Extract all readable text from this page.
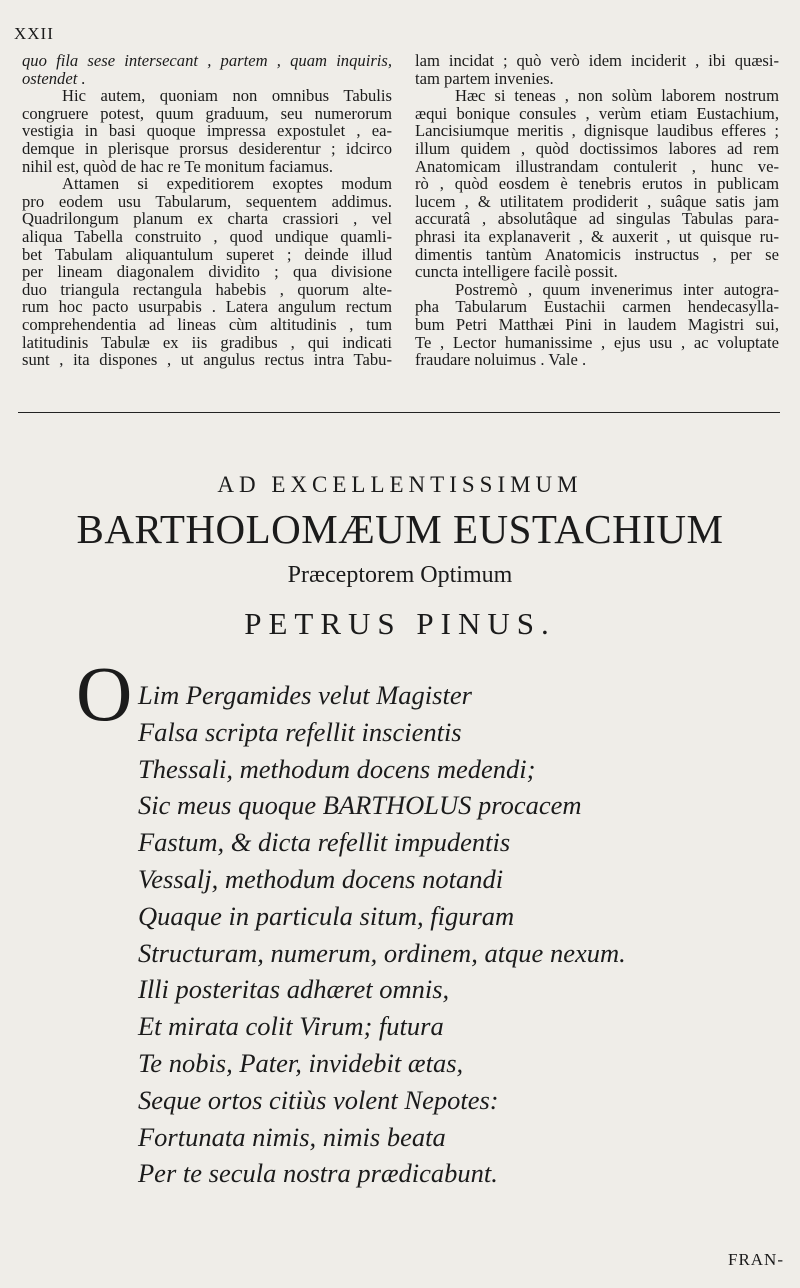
XXII
quo fila sese intersecant , partem , quam inquiris,
ostendet .
Hic autem, quoniam non omnibus Tabulis
congruere potest, quum graduum, seu numerorum
vestigia in basi quoque impressa expostulet , ea-
demque in plerisque prorsus desiderentur ; idcirco
nihil est, quòd de hac re Te monitum faciamus.
Attamen si expeditiorem exoptes modum
pro eodem usu Tabularum, sequentem addimus.
Quadrilongum planum ex charta crassiori , vel
aliqua Tabella construito , quod undique quamli-
bet Tabulam aliquantulum superet ; deinde illud
per lineam diagonalem dividito ; qua divisione
duo triangula rectangula habebis , quorum alte-
rum hoc pacto usurpabis . Latera angulum rectum
comprehendentia ad lineas cùm altitudinis , tum
latitudinis Tabulæ ex iis gradibus , qui indicati
sunt , ita dispones , ut angulus rectus intra Tabu-
lam incidat ; quò verò idem inciderit , ibi quæsi-
tam partem invenies.
Hæc si teneas , non solùm laborem nostrum
æqui bonique consules , verùm etiam Eustachium,
Lancisiumque meritis , dignisque laudibus efferes ;
illum quidem , quòd doctissimos labores ad rem
Anatomicam illustrandam contulerit , hunc ve-
rò , quòd eosdem è tenebris erutos in publicam
lucem , & utilitatem prodiderit , suâque satis jam
accuratâ , absolutâque ad singulas Tabulas para-
phrasi ita explanaverit , & auxerit , ut quisque ru-
dimentis tantùm Anatomicis instructus , per se
cuncta intelligere facilè possit.
Postremò , quum invenerimus inter autogra-
pha Tabularum Eustachii carmen hendecasylla-
bum Petri Matthæi Pini in laudem Magistri sui,
Te , Lector humanissime , ejus usu , ac voluptate
fraudare noluimus . Vale .
AD EXCELLENTISSIMUM
BARTHOLOMÆUM EUSTACHIUM
Præceptorem Optimum
PETRUS PINUS.
O Lim Pergamides velut Magister
Falsa scripta refellit inscientis
Thessali, methodum docens medendi;
Sic meus quoque BARTHOLUS procacem
Fastum, & dicta refellit impudentis
Vessalj, methodum docens notandi
Quaque in particula situm, figuram
Structuram, numerum, ordinem, atque nexum.
Illi posteritas adhæret omnis,
Et mirata colit Virum; futura
Te nobis, Pater, invidebit ætas,
Seque ortos citiùs volent Nepotes:
Fortunata nimis, nimis beata
Per te secula nostra prædicabunt.
FRAN-
